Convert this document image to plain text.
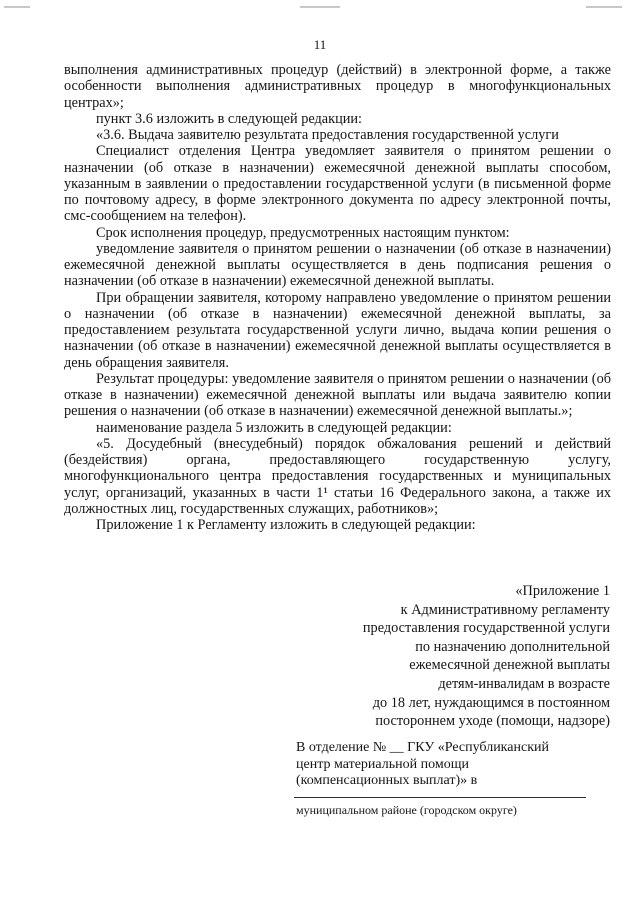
11

выполнения административных процедур (действий) в электронной форме, а также особенности выполнения административных процедур в многофункциональных центрах»;

пункт 3.6 изложить в следующей редакции:

«3.6. Выдача заявителю результата предоставления государственной услуги

Специалист отделения Центра уведомляет заявителя о принятом решении о назначении (об отказе в назначении) ежемесячной денежной выплаты способом, указанным в заявлении о предоставлении государственной услуги (в письменной форме по почтовому адресу, в форме электронного документа по адресу электронной почты, смс-сообщением на телефон).

Срок исполнения процедур, предусмотренных настоящим пунктом:

уведомление заявителя о принятом решении о назначении (об отказе в назначении) ежемесячной денежной выплаты осуществляется в день подписания решения о назначении (об отказе в назначении) ежемесячной денежной выплаты.

При обращении заявителя, которому направлено уведомление о принятом решении о назначении (об отказе в назначении) ежемесячной денежной выплаты, за предоставлением результата государственной услуги лично, выдача копии решения о назначении (об отказе в назначении) ежемесячной денежной выплаты осуществляется в день обращения заявителя.

Результат процедуры: уведомление заявителя о принятом решении о назначении (об отказе в назначении) ежемесячной денежной выплаты или выдача заявителю копии решения о назначении (об отказе в назначении) ежемесячной денежной выплаты.»;

наименование раздела 5 изложить в следующей редакции:

«5. Досудебный (внесудебный) порядок обжалования решений и действий (бездействия) органа, предоставляющего государственную услугу, многофункционального центра предоставления государственных и муниципальных услуг, организаций, указанных в части 1¹ статьи 16 Федерального закона, а также их должностных лиц, государственных служащих, работников»;

Приложение 1 к Регламенту изложить в следующей редакции:

«Приложение 1
к Административному регламенту
предоставления государственной услуги
по назначению дополнительной
ежемесячной денежной выплаты
детям-инвалидам в возрасте
до 18 лет, нуждающимся в постоянном
постороннем уходе (помощи, надзоре)
В отделение № __ ГКУ «Республиканский
центр материальной помощи
(компенсационных выплат)» в
муниципальном районе (городском округе)
